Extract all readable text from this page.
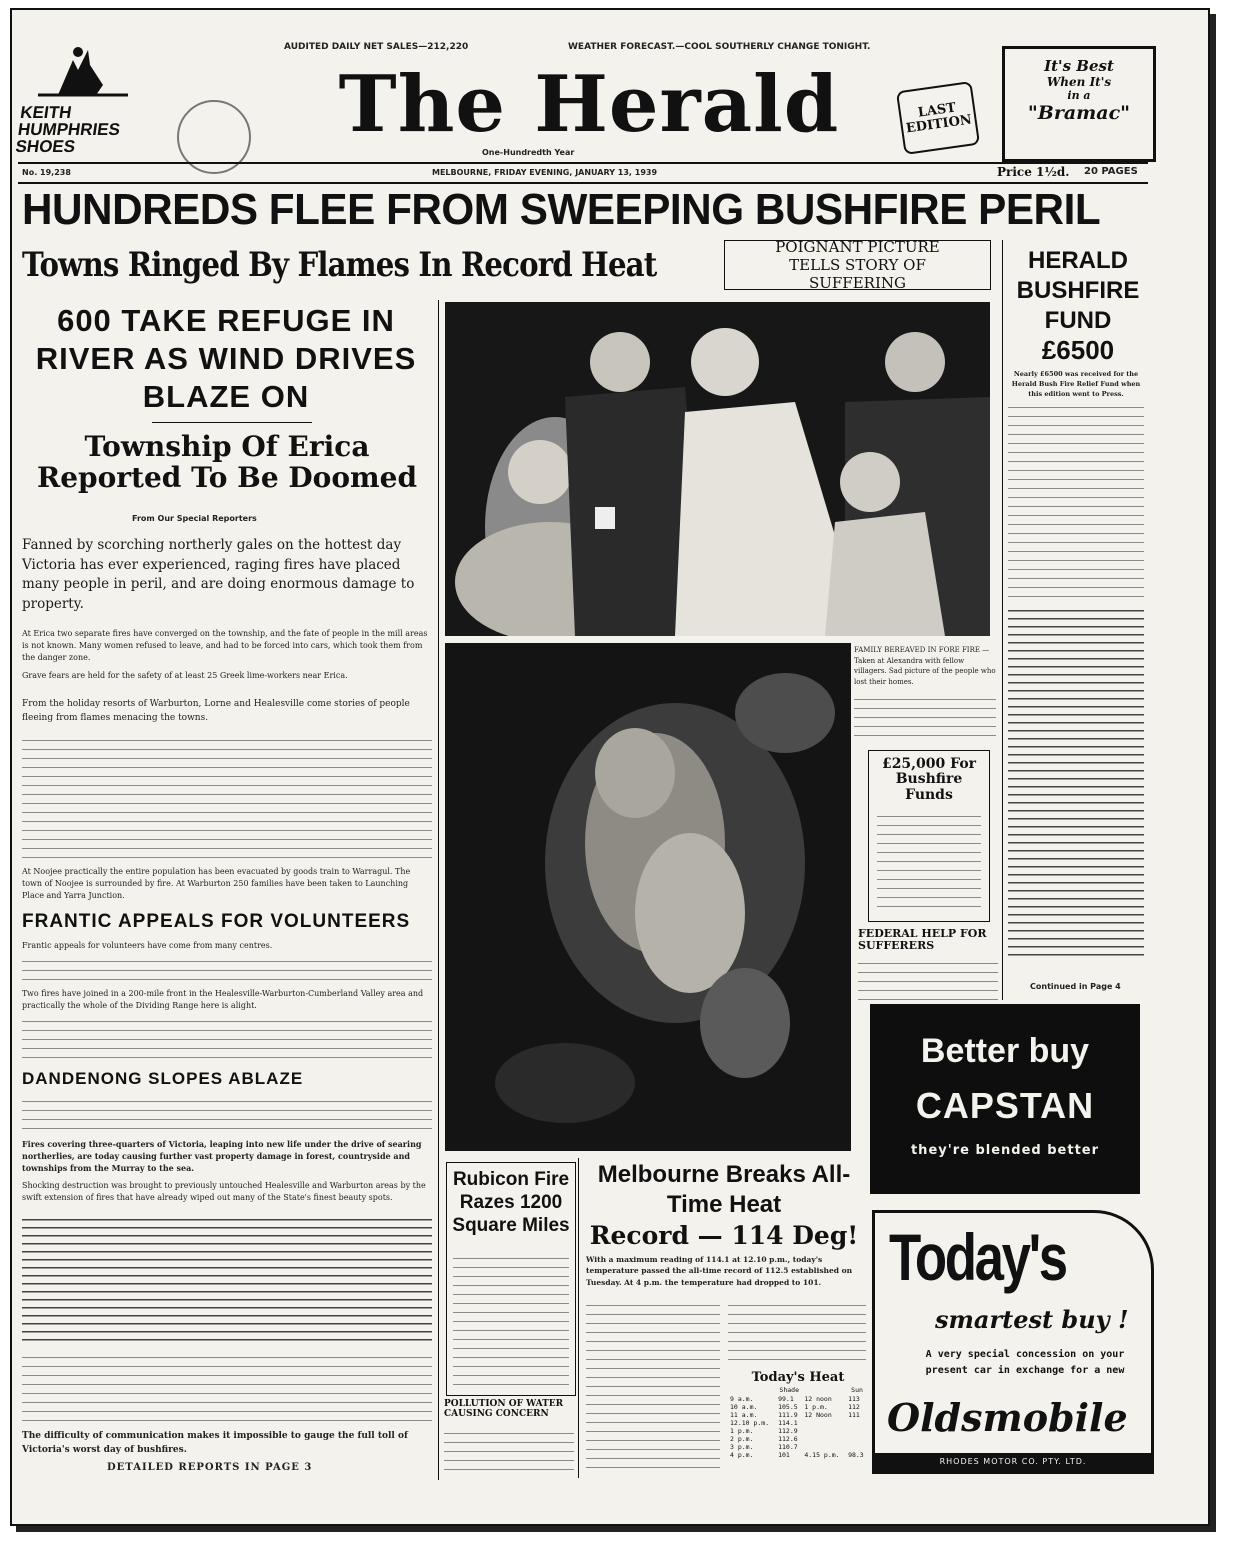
KEITH HUMPHRIES SHOES
AUDITED DAILY NET SALES—212,220	WEATHER FORECAST.—COOL SOUTHERLY CHANGE TONIGHT.
The Herald
One-Hundredth Year
LAST EDITION
It's Best
When It's
in a
"Bramac"
No. 19,238	MELBOURNE, FRIDAY EVENING, JANUARY 13, 1939	Price 1½d. 20 PAGES
HUNDREDS FLEE FROM SWEEPING BUSHFIRE PERIL
Towns Ringed By Flames In Record Heat	POIGNANT PICTURE TELLS STORY OF SUFFERING
600 TAKE REFUGE IN RIVER AS WIND DRIVES BLAZE ON
Township Of Erica Reported To Be Doomed
From Our Special Reporters
Fanned by scorching northerly gales on the hottest day Victoria has ever experienced, raging fires have placed many people in peril, and are doing enormous damage to property.
At Erica two separate fires have converged on the township, and the fate of people in the mill areas is not known. Many women refused to leave, and had to be forced into cars, which took them from the danger zone.
Grave fears are held for the safety of at least 25 Greek lime-workers near Erica.
From the holiday resorts of Warburton, Lorne and Healesville come stories of people fleeing from flames menacing the towns.
At Noojee practically the entire population has been evacuated by goods train to Warragul. The town of Noojee is surrounded by fire. At Warburton 250 families have been taken to Launching Place and Yarra Junction.
FRANTIC APPEALS FOR VOLUNTEERS
Frantic appeals for volunteers have come from many centres.
Two fires have joined in a 200-mile front in the Healesville-Warburton-Cumberland Valley area and practically the whole of the Dividing Range here is alight.
DANDENONG SLOPES ABLAZE
Fires covering three-quarters of Victoria, leaping into new life under the drive of searing northerlies, are today causing further vast property damage in forest, countryside and townships from the Murray to the sea.
Shocking destruction was brought to previously untouched Healesville and Warburton areas by the swift extension of fires that have already wiped out many of the State's finest beauty spots.
The difficulty of communication makes it impossible to gauge the full toll of Victoria's worst day of bushfires.
DETAILED REPORTS IN PAGE 3
FAMILY BEREAVED IN FORE FIRE — Taken at Alexandra with fellow villagers. Sad picture of the people who lost their homes.
£25,000 For Bushfire Funds
FEDERAL HELP FOR SUFFERERS
HERALD BUSHFIRE FUND
£6500
Nearly £6500 was received for the Herald Bush Fire Relief Fund when this edition went to Press.
Continued in Page 4
Better buy
CAPSTAN
they're blended better
Today's
smartest buy !
A very special concession on your present car in exchange for a new
Oldsmobile
RHODES MOTOR CO. PTY. LTD.
Rubicon Fire Razes 1200 Square Miles
POLLUTION OF WATER CAUSING CONCERN
Melbourne Breaks All-Time Heat
Record — 114 Deg!
With a maximum reading of 114.1 at 12.10 p.m., today's temperature passed the all-time record of 112.5 established on Tuesday. At 4 p.m. the temperature had dropped to 101.
Today's Heat
	Shade		Sun
9 a.m.	99.1	12 noon	113
10 a.m.	105.5	1 p.m.	112
11 a.m.	111.9	12 Noon	111
12.10 p.m.	114.1		
1 p.m.	112.9		
2 p.m.	112.6		
3 p.m.	110.7		
4 p.m.	101	4.15 p.m.	98.3
